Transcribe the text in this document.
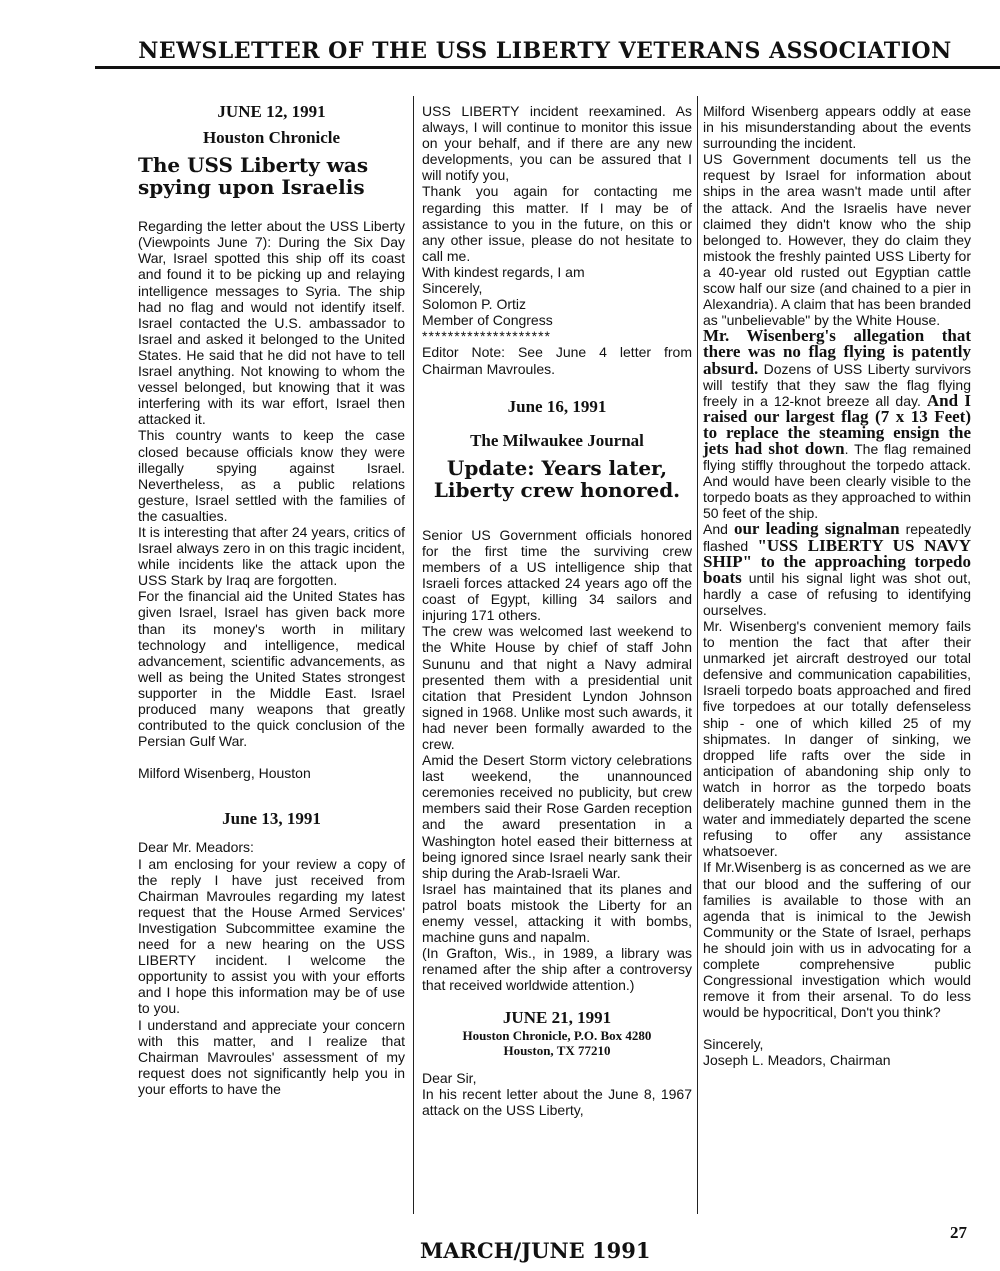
NEWSLETTER OF THE USS LIBERTY VETERANS ASSOCIATION
JUNE 12, 1991
Houston Chronicle
The USS Liberty was spying upon Israelis

Regarding the letter about the USS Liberty (Viewpoints June 7): During the Six Day War, Israel spotted this ship off its coast and found it to be picking up and relaying intelligence messages to Syria. The ship had no flag and would not identify itself. Israel contacted the U.S. ambassador to Israel and asked it belonged to the United States. He said that he did not have to tell Israel anything. Not knowing to whom the vessel belonged, but knowing that it was interfering with its war effort, Israel then attacked it.

This country wants to keep the case closed because officials know they were illegally spying against Israel. Nevertheless, as a public relations gesture, Israel settled with the families of the casualties.

It is interesting that after 24 years, critics of Israel always zero in on this tragic incident, while incidents like the attack upon the USS Stark by Iraq are forgotten.

For the financial aid the United States has given Israel, Israel has given back more than its money's worth in military technology and intelligence, medical advancement, scientific advancements, as well as being the United States strongest supporter in the Middle East. Israel produced many weapons that greatly contributed to the quick conclusion of the Persian Gulf War.

Milford Wisenberg, Houston

June 13, 1991

Dear Mr. Meadors:

I am enclosing for your review a copy of the reply I have just received from Chairman Mavroules regarding my latest request that the House Armed Services' Investigation Subcommittee examine the need for a new hearing on the USS LIBERTY incident. I welcome the opportunity to assist you with your efforts and I hope this information may be of use to you.

I understand and appreciate your concern with this matter, and I realize that Chairman Mavroules' assessment of my request does not significantly help you in your efforts to have the

USS LIBERTY incident reexamined. As always, I will continue to monitor this issue on your behalf, and if there are any new developments, you can be assured that I will notify you,

Thank you again for contacting me regarding this matter. If I may be of assistance to you in the future, on this or any other issue, please do not hesitate to call me.

With kindest regards, I am

Sincerely,

Solomon P. Ortiz

Member of Congress

********************

Editor Note: See June 4 letter from Chairman Mavroules.

June 16, 1991
The Milwaukee Journal
Update: Years later, Liberty crew honored.

Senior US Government officials honored for the first time the surviving crew members of a US intelligence ship that Israeli forces attacked 24 years ago off the coast of Egypt, killing 34 sailors and injuring 171 others.

The crew was welcomed last weekend to the White House by chief of staff John Sununu and that night a Navy admiral presented them with a presidential unit citation that President Lyndon Johnson signed in 1968. Unlike most such awards, it had never been formally awarded to the crew.

Amid the Desert Storm victory celebrations last weekend, the unannounced ceremonies received no publicity, but crew members said their Rose Garden reception and the award presentation in a Washington hotel eased their bitterness at being ignored since Israel nearly sank their ship during the Arab-Israeli War.

Israel has maintained that its planes and patrol boats mistook the Liberty for an enemy vessel, attacking it with bombs, machine guns and napalm.

(In Grafton, Wis., in 1989, a library was renamed after the ship after a controversy that received worldwide attention.)

JUNE 21, 1991
Houston Chronicle, P.O. Box 4280
Houston, TX 77210

Dear Sir,

In his recent letter about the June 8, 1967 attack on the USS Liberty,

Milford Wisenberg appears oddly at ease in his misunderstanding about the events surrounding the incident.

US Government documents tell us the request by Israel for information about ships in the area wasn't made until after the attack. And the Israelis have never claimed they didn't know who the ship belonged to. However, they do claim they mistook the freshly painted USS Liberty for a 40-year old rusted out Egyptian cattle scow half our size (and chained to a pier in Alexandria). A claim that has been branded as "unbelievable" by the White House.

Mr. Wisenberg's allegation that there was no flag flying is patently absurd. Dozens of USS Liberty survivors will testify that they saw the flag flying freely in a 12-knot breeze all day. And I raised our largest flag (7 x 13 Feet) to replace the steaming ensign the jets had shot down. The flag remained flying stiffly throughout the torpedo attack. And would have been clearly visible to the torpedo boats as they approached to within 50 feet of the ship.

And our leading signalman repeatedly flashed "USS LIBERTY US NAVY SHIP" to the approaching torpedo boats until his signal light was shot out, hardly a case of refusing to identifying ourselves.

Mr. Wisenberg's convenient memory fails to mention the fact that after their unmarked jet aircraft destroyed our total defensive and communication capabilities, Israeli torpedo boats approached and fired five torpedoes at our totally defenseless ship - one of which killed 25 of my shipmates. In danger of sinking, we dropped life rafts over the side in anticipation of abandoning ship only to watch in horror as the torpedo boats deliberately machine gunned them in the water and immediately departed the scene refusing to offer any assistance whatsoever.

If Mr.Wisenberg is as concerned as we are that our blood and the suffering of our families is available to those with an agenda that is inimical to the Jewish Community or the State of Israel, perhaps he should join with us in advocating for a complete comprehensive public Congressional investigation which would remove it from their arsenal. To do less would be hypocritical, Don't you think?

Sincerely,

Joseph L. Meadors, Chairman

27
MARCH/JUNE 1991
